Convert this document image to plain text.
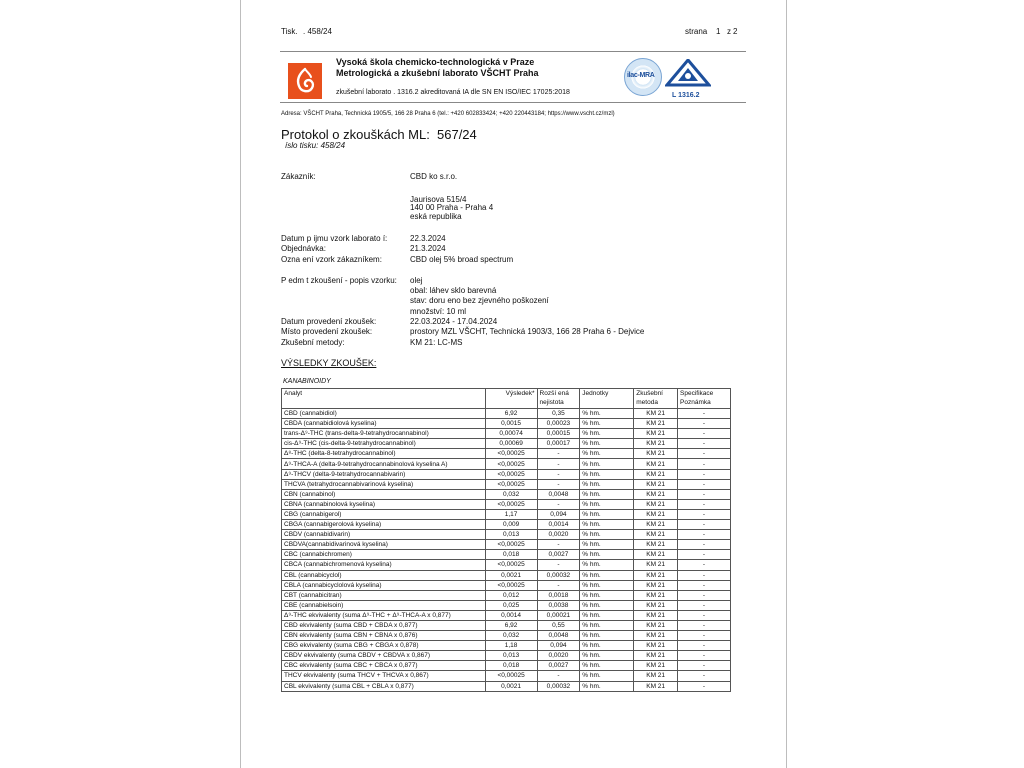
Tisk. . 458/24	strana 1 z 2
Vysoká škola chemicko-technologická v Praze
Metrologická a zkušební laborato VŠCHT Praha
zkušební laborato . 1316.2 akreditovaná IA dle SN EN ISO/IEC 17025:2018
ilac-MRA
L 1316.2
Adresa: VŠCHT Praha, Technická 1905/5, 166 28 Praha 6 (tel.: +420 602833424; +420 220443184; https://www.vscht.cz/mzl)
Protokol o zkouškách ML: 567/24
íslo tisku: 458/24
Zákazník:	CBD ko s.r.o.
Jaurisova 515/4
140 00 Praha - Praha 4
eská republika
Datum p ijmu vzork laborato í:	22.3.2024
Objednávka:	21.3.2024
Ozna ení vzork zákazníkem:	CBD olej 5% broad spectrum
P edm t zkoušení - popis vzorku: olej
obal: láhev sklo barevná
stav: doru eno bez zjevného poškození
množství: 10 ml
Datum provedení zkoušek:	22.03.2024 - 17.04.2024
Místo provedení zkoušek:	prostory MZL VŠCHT, Technická 1903/3, 166 28 Praha 6 - Dejvice
Zkušební metody:	KM 21: LC-MS
VÝSLEDKY ZKOUŠEK:
KANABINOIDY
Analyt	Výsledek*	Rozší ená nejistota	Jednotky	Zkušební metoda	Specifikace Poznámka
CBD (cannabidiol)	6,92	0,35	% hm.	KM 21	-
CBDA (cannabidiolová kyselina)	0,0015	0,00023	% hm.	KM 21	-
trans-Δ⁹-THC (trans-delta-9-tetrahydrocannabinol)	0,00074	0,00015	% hm.	KM 21	-
cis-Δ⁹-THC (cis-delta-9-tetrahydrocannabinol)	0,00069	0,00017	% hm.	KM 21	-
Δ⁸-THC (delta-8-tetrahydrocannabinol)	<0,00025	-	% hm.	KM 21	-
Δ⁹-THCA-A (delta-9-tetrahydrocannabinolová kyselina A)	<0,00025	-	% hm.	KM 21	-
Δ⁹-THCV (delta-9-tetrahydrocannabivarin)	<0,00025	-	% hm.	KM 21	-
THCVA (tetrahydrocannabivarinová kyselina)	<0,00025	-	% hm.	KM 21	-
CBN (cannabinol)	0,032	0,0048	% hm.	KM 21	-
CBNA (cannabinolová kyselina)	<0,00025	-	% hm.	KM 21	-
CBG (cannabigerol)	1,17	0,094	% hm.	KM 21	-
CBGA (cannabigerolová kyselina)	0,009	0,0014	% hm.	KM 21	-
CBDV (cannabidivarin)	0,013	0,0020	% hm.	KM 21	-
CBDVA(cannabidivarinová kyselina)	<0,00025	-	% hm.	KM 21	-
CBC (cannabichromen)	0,018	0,0027	% hm.	KM 21	-
CBCA (cannabichromenová kyselina)	<0,00025	-	% hm.	KM 21	-
CBL (cannabicyclol)	0,0021	0,00032	% hm.	KM 21	-
CBLA (cannabicyclolová kyselina)	<0,00025	-	% hm.	KM 21	-
CBT (cannabicitran)	0,012	0,0018	% hm.	KM 21	-
CBE (cannabielsoin)	0,025	0,0038	% hm.	KM 21	-
Δ⁹-THC ekvivalenty (suma Δ⁹-THC + Δ⁹-THCA-A x 0,877)	0,0014	0,00021	% hm.	KM 21	-
CBD ekvivalenty (suma CBD + CBDA x 0,877)	6,92	0,55	% hm.	KM 21	-
CBN ekvivalenty (suma CBN + CBNA x 0,876)	0,032	0,0048	% hm.	KM 21	-
CBG ekvivalenty (suma CBG + CBGA x 0,878)	1,18	0,094	% hm.	KM 21	-
CBDV ekvivalenty (suma CBDV + CBDVA x 0,867)	0,013	0,0020	% hm.	KM 21	-
CBC ekvivalenty (suma CBC + CBCA x 0,877)	0,018	0,0027	% hm.	KM 21	-
THCV ekvivalenty (suma THCV + THCVA x 0,867)	<0,00025	-	% hm.	KM 21	-
CBL ekvivalenty (suma CBL + CBLA x 0,877)	0,0021	0,00032	% hm.	KM 21	-
